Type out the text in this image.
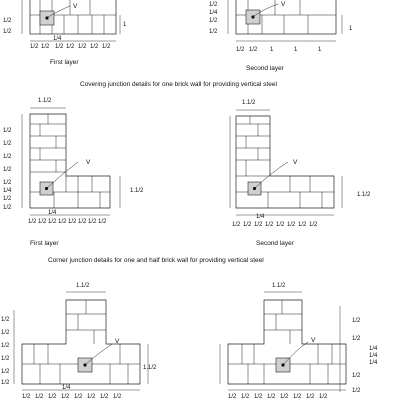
V
1/2
1/2
1
1/4
1/2 1/2 1/2 1/2 1/2 1/2 1/2
First layer
V
1/2
1/4
1/2
1/2	1
1/2 1/2 1	1	1
Second layer
Covering junction details for one brick wall for providing vertical steel
V
1.1/2
1/2
1/2
1/2
1/2
1/2
1/4
1/2
1/2
1.1/2
1/4
1/2 1/2 1/2 1/2 1/2 1/2 1/2 1/2
First layer
V
1.1/2
1.1/2
1/4
1/2 1/2 1/2 1/2 1/2 1/2 1/2 1/2
Second layer
Corner junction details for one and half brick wall for providing vertical steel
V
1.1/2
1/2
1/2
1/2
1/2
1/2
1/2
1.1/2
1/4
1/2 1/2 1/2 1/2 1/2 1/2 1/2 1/2
V
1.1/2
1/2
1/2
1/4
1/4
1/4
1/2
1/2
1/2 1/2 1/2 1/2 1/2 1/2 1/2 1/2
